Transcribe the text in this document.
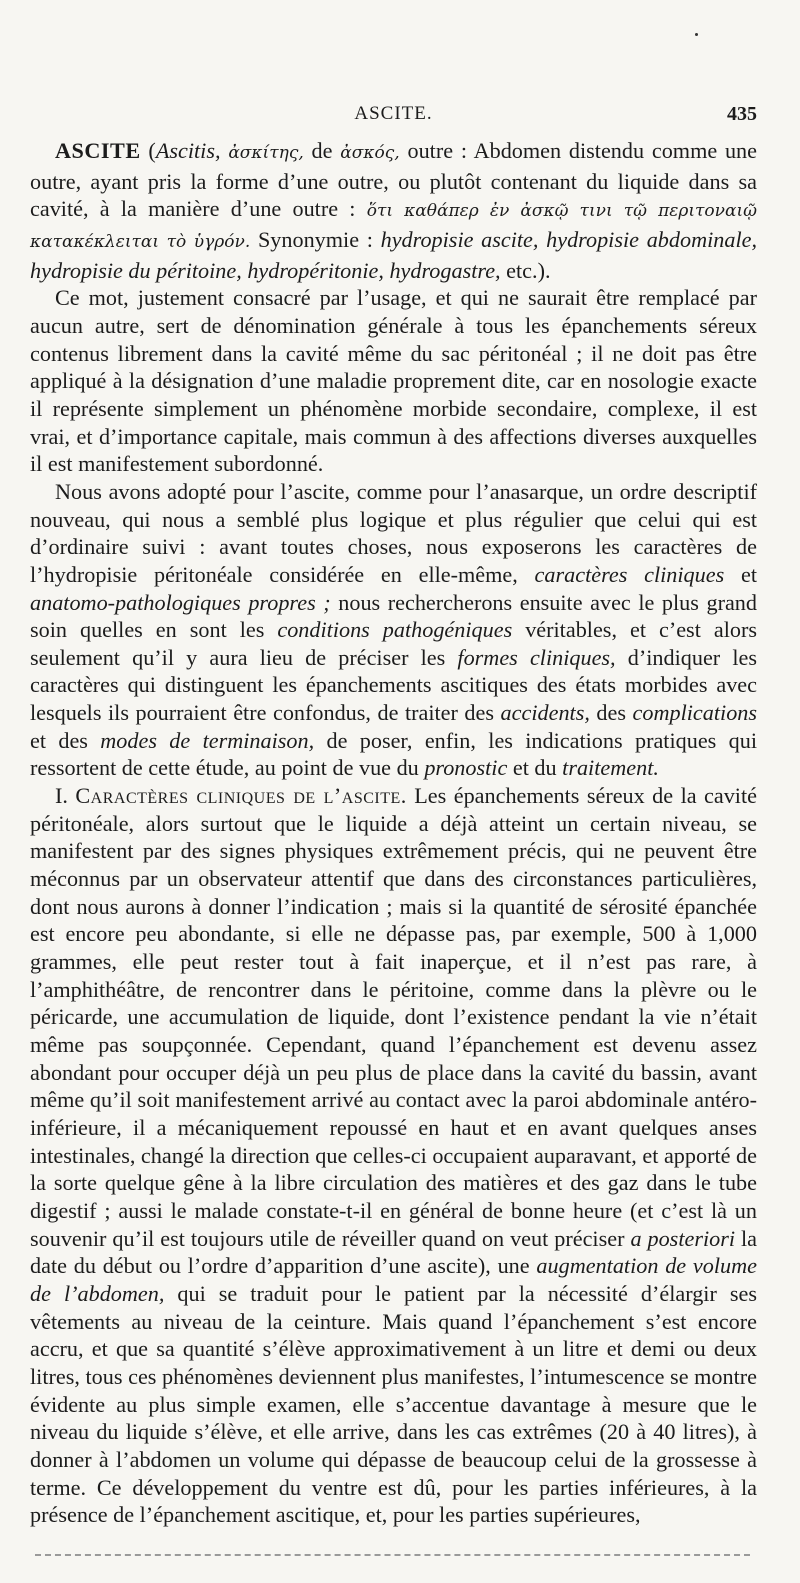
ASCITE.	435

ASCITE (Ascitis, ἀσκίτης, de ἀσκός, outre : Abdomen distendu comme une outre, ayant pris la forme d’une outre, ou plutôt contenant du liquide dans sa cavité, à la manière d’une outre : ὅτι καθάπερ ἐν ἀσκῷ τινι τῷ περιτοναιῷ κατακέκλειται τὸ ὑγρόν. Synonymie : hydropisie ascite, hydropisie abdominale, hydropisie du péritoine, hydropéritonie, hydrogastre, etc.).

Ce mot, justement consacré par l’usage, et qui ne saurait être remplacé par aucun autre, sert de dénomination générale à tous les épanchements séreux contenus librement dans la cavité même du sac péritonéal ; il ne doit pas être appliqué à la désignation d’une maladie proprement dite, car en nosologie exacte il représente simplement un phénomène morbide secondaire, complexe, il est vrai, et d’importance capitale, mais commun à des affections diverses auxquelles il est manifestement subordonné.

Nous avons adopté pour l’ascite, comme pour l’anasarque, un ordre descriptif nouveau, qui nous a semblé plus logique et plus régulier que celui qui est d’ordinaire suivi : avant toutes choses, nous exposerons les caractères de l’hydropisie péritonéale considérée en elle-même, caractères cliniques et anatomo-pathologiques propres ; nous rechercherons ensuite avec le plus grand soin quelles en sont les conditions pathogéniques véritables, et c’est alors seulement qu’il y aura lieu de préciser les formes cliniques, d’indiquer les caractères qui distinguent les épanchements ascitiques des états morbides avec lesquels ils pourraient être confondus, de traiter des accidents, des complications et des modes de terminaison, de poser, enfin, les indications pratiques qui ressortent de cette étude, au point de vue du pronostic et du traitement.

I. Caractères cliniques de l’ascite. Les épanchements séreux de la cavité péritonéale, alors surtout que le liquide a déjà atteint un certain niveau, se manifestent par des signes physiques extrêmement précis, qui ne peuvent être méconnus par un observateur attentif que dans des circonstances particulières, dont nous aurons à donner l’indication ; mais si la quantité de sérosité épanchée est encore peu abondante, si elle ne dépasse pas, par exemple, 500 à 1,000 grammes, elle peut rester tout à fait inaperçue, et il n’est pas rare, à l’amphithéâtre, de rencontrer dans le péritoine, comme dans la plèvre ou le péricarde, une accumulation de liquide, dont l’existence pendant la vie n’était même pas soupçonnée. Cependant, quand l’épanchement est devenu assez abondant pour occuper déjà un peu plus de place dans la cavité du bassin, avant même qu’il soit manifestement arrivé au contact avec la paroi abdominale antéro-inférieure, il a mécaniquement repoussé en haut et en avant quelques anses intestinales, changé la direction que celles-ci occupaient auparavant, et apporté de la sorte quelque gêne à la libre circulation des matières et des gaz dans le tube digestif ; aussi le malade constate-t-il en général de bonne heure (et c’est là un souvenir qu’il est toujours utile de réveiller quand on veut préciser a posteriori la date du début ou l’ordre d’apparition d’une ascite), une augmentation de volume de l’abdomen, qui se traduit pour le patient par la nécessité d’élargir ses vêtements au niveau de la ceinture. Mais quand l’épanchement s’est encore accru, et que sa quantité s’élève approximativement à un litre et demi ou deux litres, tous ces phénomènes deviennent plus manifestes, l’intumescence se montre évidente au plus simple examen, elle s’accentue davantage à mesure que le niveau du liquide s’élève, et elle arrive, dans les cas extrêmes (20 à 40 litres), à donner à l’abdomen un volume qui dépasse de beaucoup celui de la grossesse à terme. Ce développement du ventre est dû, pour les parties inférieures, à la présence de l’épanchement ascitique, et, pour les parties supérieures,
